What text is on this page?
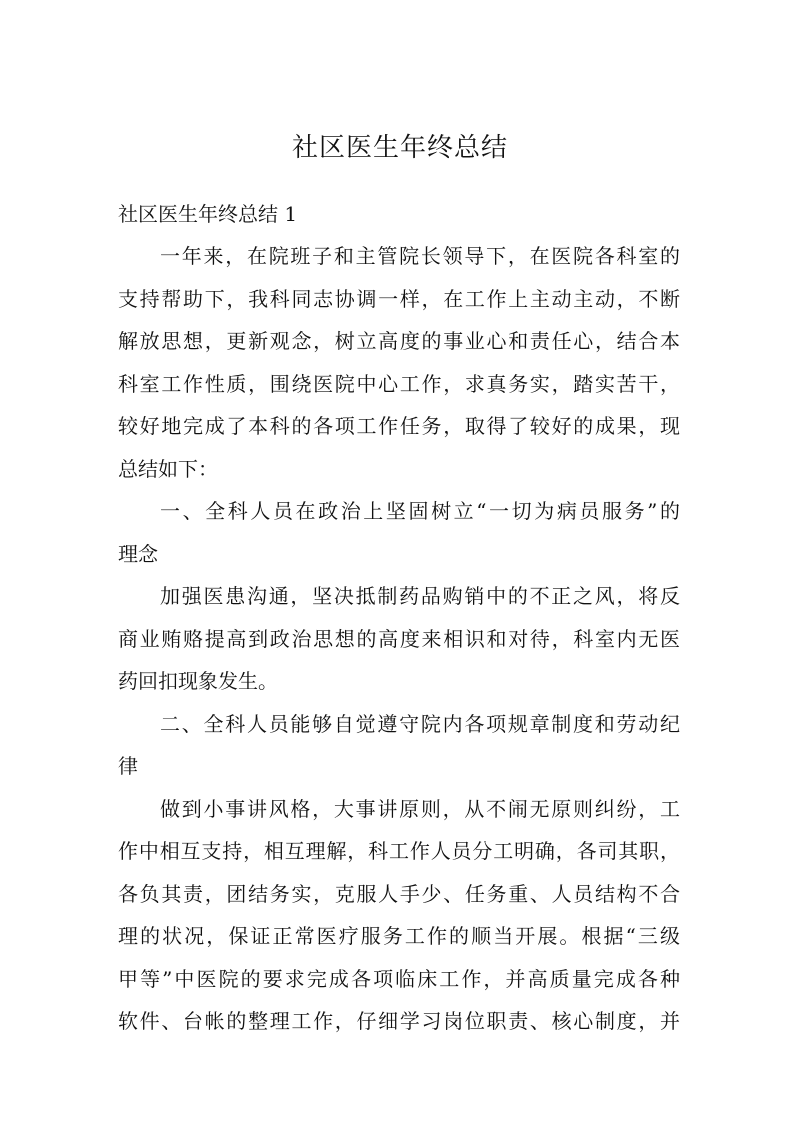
社区医生年终总结

社区医生年终总结 1

一年来，在院班子和主管院长领导下，在医院各科室的

支持帮助下，我科同志协调一样，在工作上主动主动，不断

解放思想，更新观念，树立高度的事业心和责任心，结合本

科室工作性质，围绕医院中心工作，求真务实，踏实苦干，

较好地完成了本科的各项工作任务，取得了较好的成果，现

总结如下：

一、全科人员在政治上坚固树立“一切为病员服务”的

理念

加强医患沟通，坚决抵制药品购销中的不正之风，将反

商业贿赂提高到政治思想的高度来相识和对待，科室内无医

药回扣现象发生。

二、全科人员能够自觉遵守院内各项规章制度和劳动纪

律

做到小事讲风格，大事讲原则，从不闹无原则纠纷，工

作中相互支持，相互理解，科工作人员分工明确，各司其职，

各负其责，团结务实，克服人手少、任务重、人员结构不合

理的状况，保证正常医疗服务工作的顺当开展。根据“三级

甲等”中医院的要求完成各项临床工作，并高质量完成各种

软件、台帐的整理工作，仔细学习岗位职责、核心制度，并
